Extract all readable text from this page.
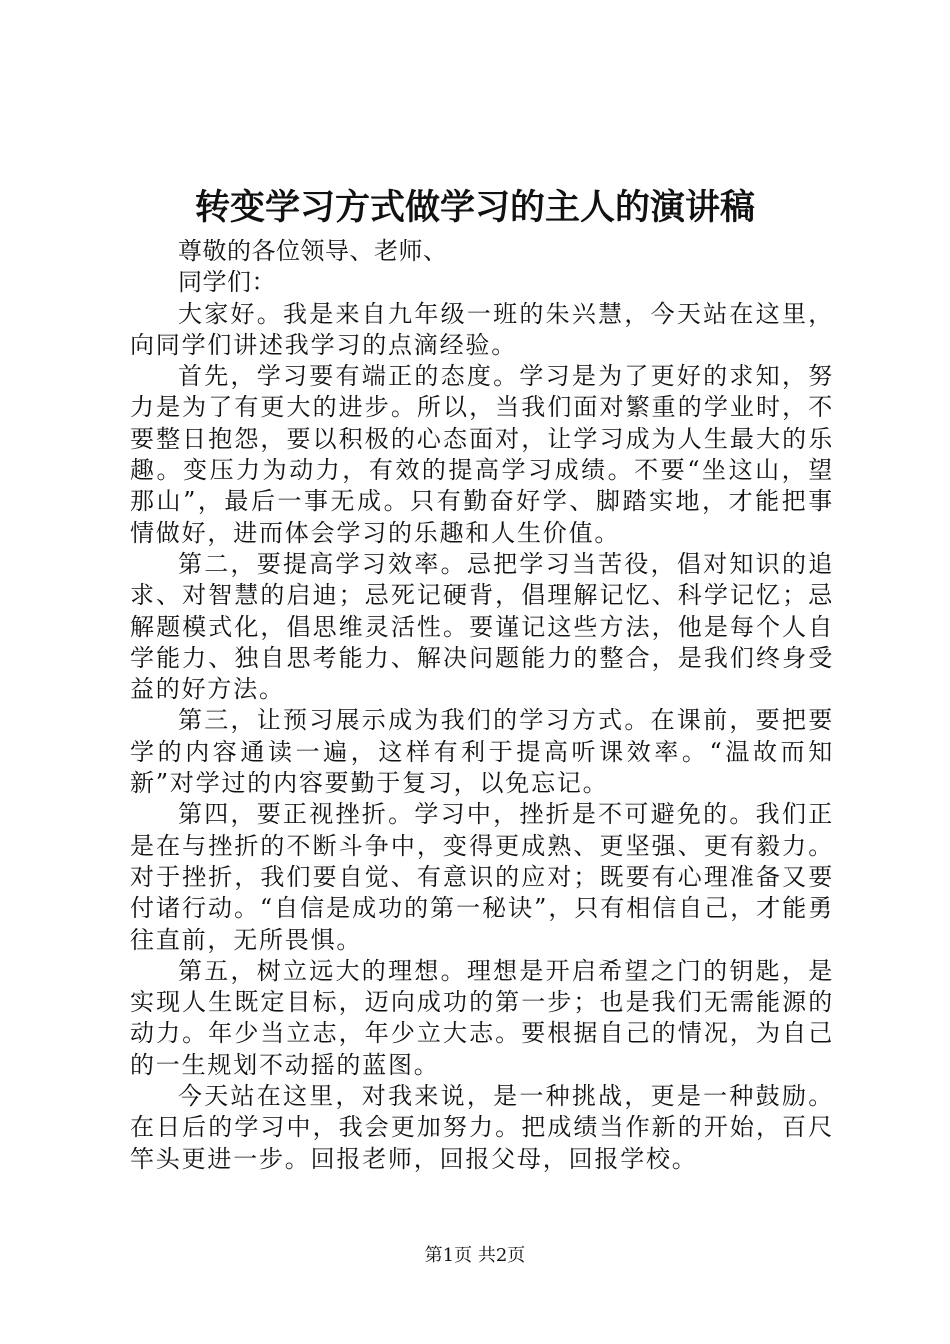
转变学习方式做学习的主人的演讲稿

尊敬的各位领导、老师、

同学们：

大家好。我是来自九年级一班的朱兴慧，今天站在这里，向同学们讲述我学习的点滴经验。

首先，学习要有端正的态度。学习是为了更好的求知，努力是为了有更大的进步。所以，当我们面对繁重的学业时，不要整日抱怨，要以积极的心态面对，让学习成为人生最大的乐趣。变压力为动力，有效的提高学习成绩。不要“坐这山，望那山”，最后一事无成。只有勤奋好学、脚踏实地，才能把事情做好，进而体会学习的乐趣和人生价值。

第二，要提高学习效率。忌把学习当苦役，倡对知识的追求、对智慧的启迪；忌死记硬背，倡理解记忆、科学记忆；忌解题模式化，倡思维灵活性。要谨记这些方法，他是每个人自学能力、独自思考能力、解决问题能力的整合，是我们终身受益的好方法。

第三，让预习展示成为我们的学习方式。在课前，要把要学的内容通读一遍，这样有利于提高听课效率。“温故而知新”对学过的内容要勤于复习，以免忘记。

第四，要正视挫折。学习中，挫折是不可避免的。我们正是在与挫折的不断斗争中，变得更成熟、更坚强、更有毅力。对于挫折，我们要自觉、有意识的应对；既要有心理准备又要付诸行动。“自信是成功的第一秘诀”，只有相信自己，才能勇往直前，无所畏惧。

第五，树立远大的理想。理想是开启希望之门的钥匙，是实现人生既定目标，迈向成功的第一步；也是我们无需能源的动力。年少当立志，年少立大志。要根据自己的情况，为自己的一生规划不动摇的蓝图。

今天站在这里，对我来说，是一种挑战，更是一种鼓励。在日后的学习中，我会更加努力。把成绩当作新的开始，百尺竿头更进一步。回报老师，回报父母，回报学校。

第1页 共2页
